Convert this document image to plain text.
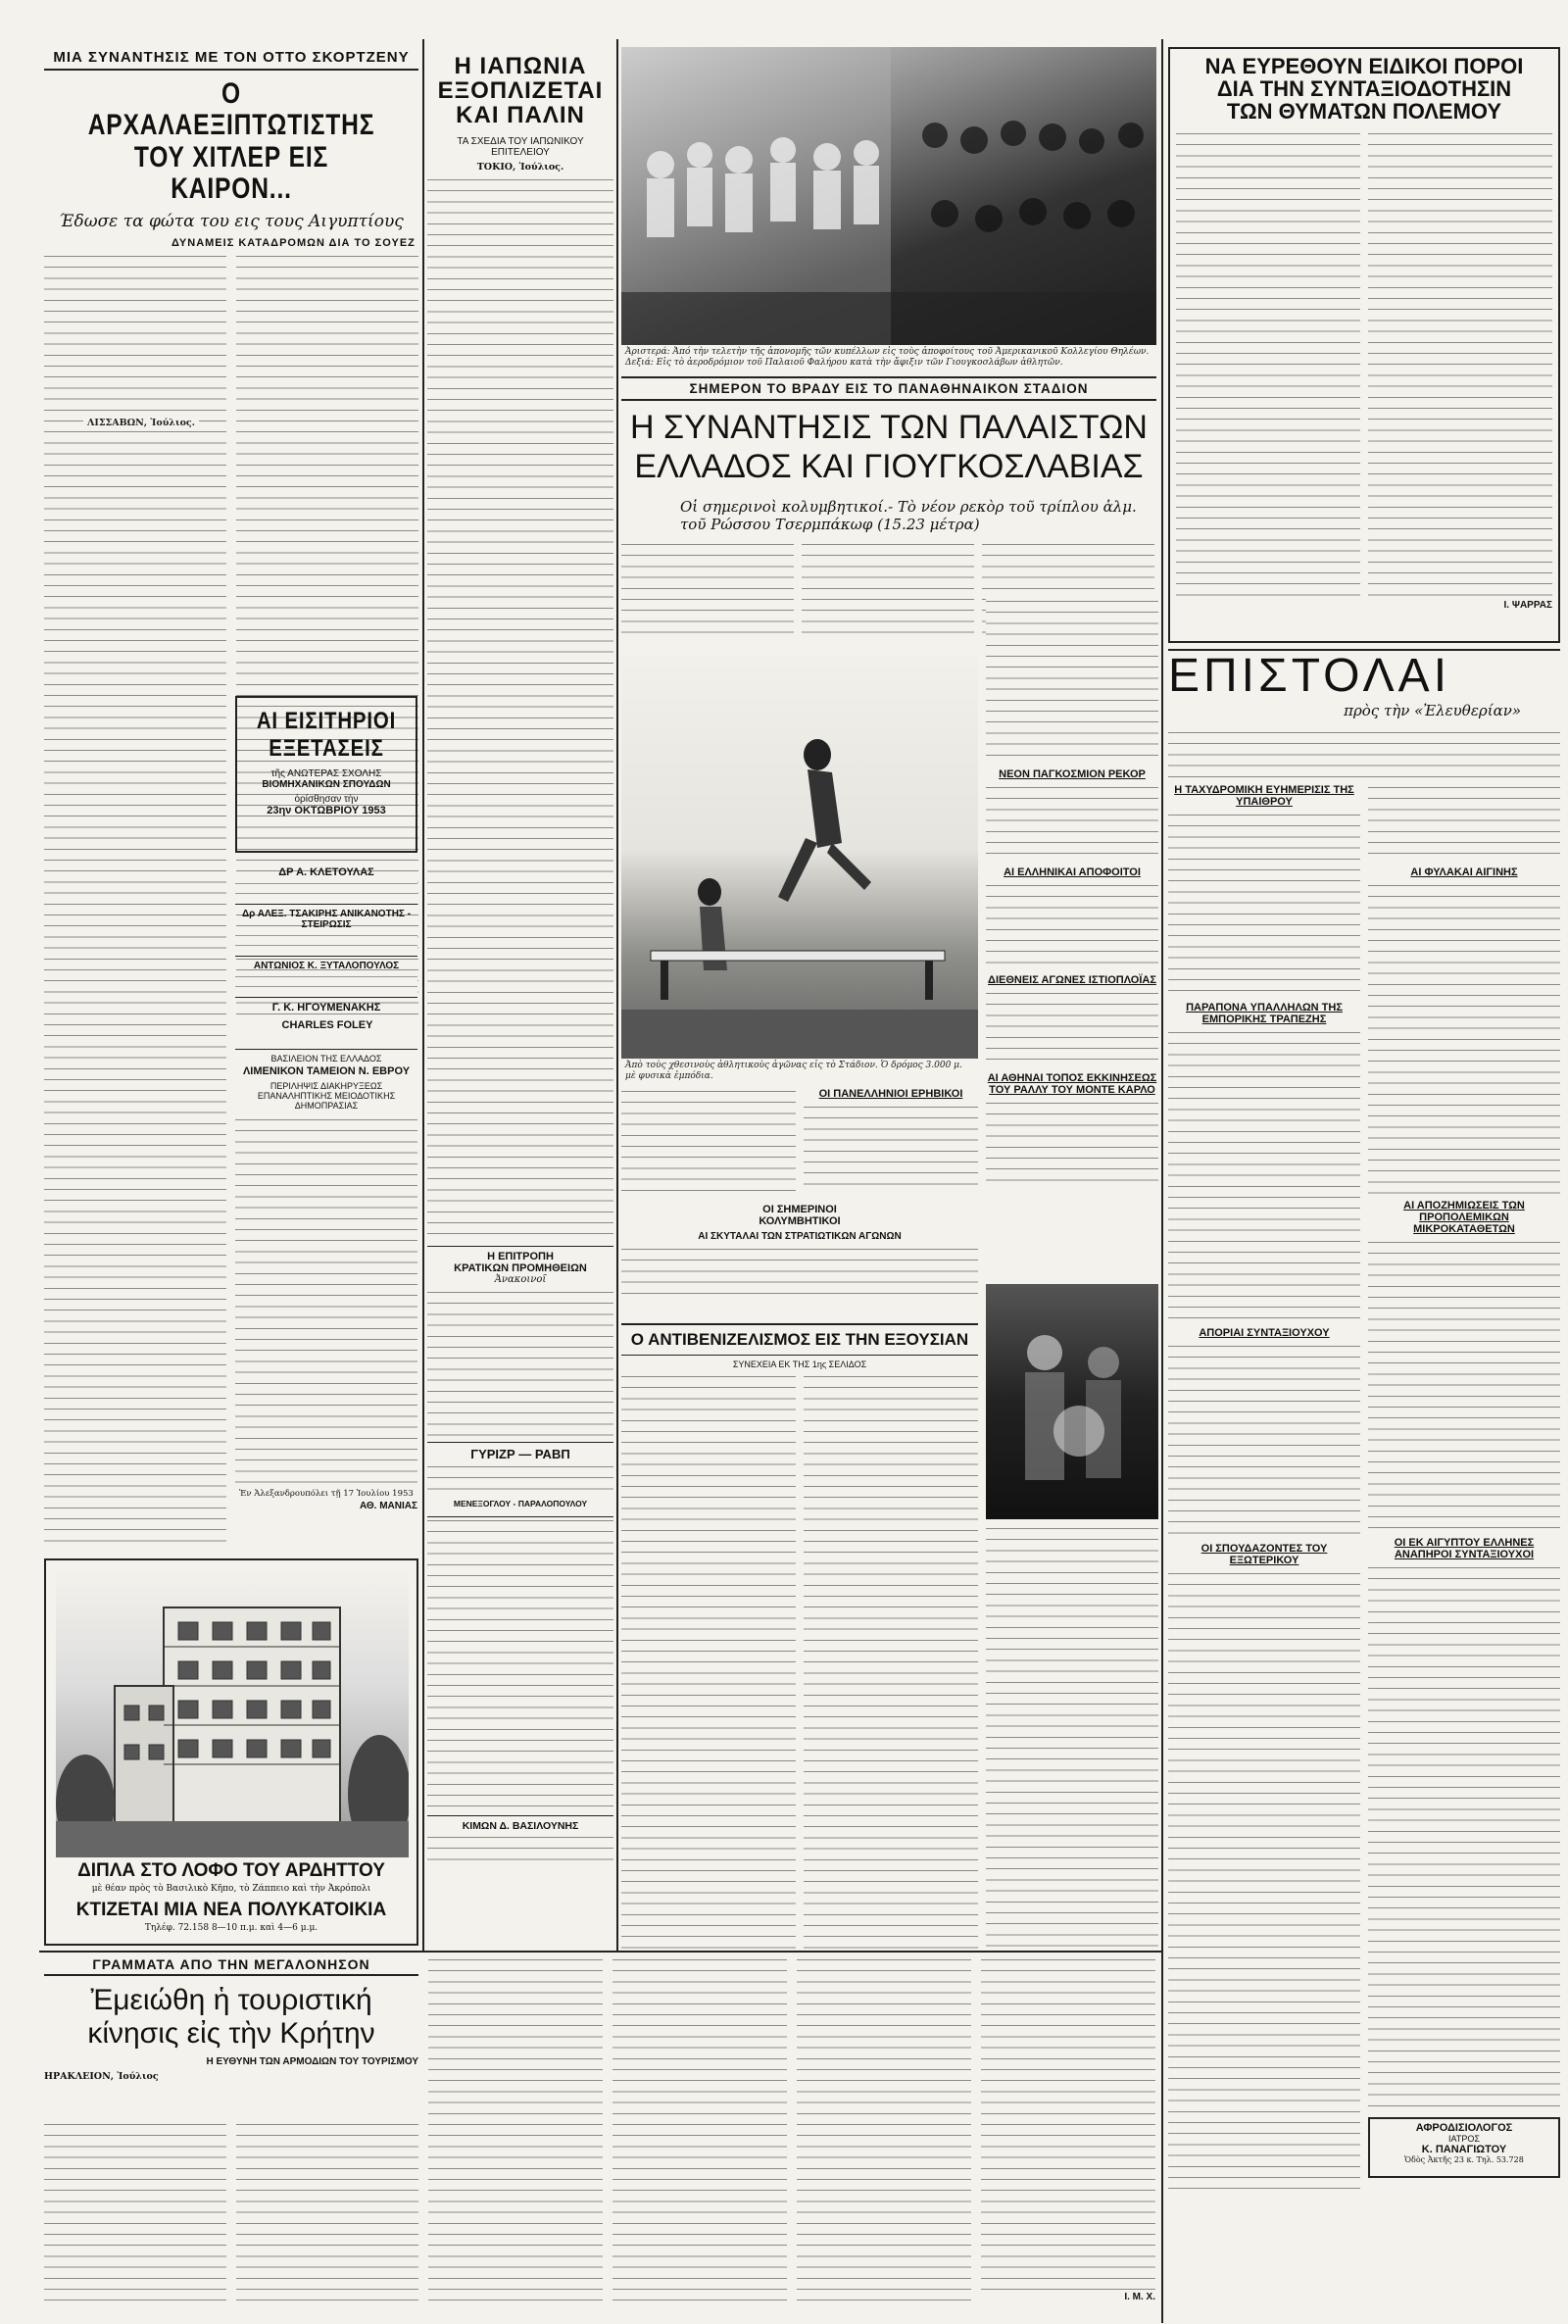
ΜΙΑ ΣΥΝΑΝΤΗΣΙΣ ΜΕ ΤΟΝ ΟΤΤΟ ΣΚΟΡΤΖΕΝΥ
Ο ΑΡΧΑΛΑΕΞΙΠΤΩΤΙΣΤΗΣ
ΤΟΥ ΧΙΤΛΕΡ ΕΙΣ ΚΑΙΡΟΝ...
Έδωσε τα φώτα του εις τους Αιγυπτίους
ΔΥΝΑΜΕΙΣ ΚΑΤΑΔΡΟΜΩΝ ΔΙΑ ΤΟ ΣΟΥΕΖ
CHARLES FOLEY
ΛΙΣΣΑΒΩΝ, Ἰούλιος.
ΑΙ ΕΙΣΙΤΗΡΙΟΙ ΕΞΕΤΑΣΕΙΣ
τῆς ΑΝΩΤΕΡΑΣ ΣΧΟΛΗΣ
ΒΙΟΜΗΧΑΝΙΚΩΝ ΣΠΟΥΔΩΝ
ὁρίσθησαν τὴν
23ην ΟΚΤΩΒΡΙΟΥ 1953
ΔΡ Α. ΚΛΕΤΟΥΛΑΣ
Δρ ΑΛΕΞ. ΤΣΑΚΙΡΗΣ ΑΝΙΚΑΝΟΤΗΣ - ΣΤΕΙΡΩΣΙΣ
ΑΝΤΩΝΙΟΣ Κ. ΞΥΤΑΛΟΠΟΥΛΟΣ
Γ. Κ. ΗΓΟΥΜΕΝΑΚΗΣ
ΒΑΣΙΛΕΙΟΝ ΤΗΣ ΕΛΛΑΔΟΣ
ΛΙΜΕΝΙΚΟΝ ΤΑΜΕΙΟΝ Ν. ΕΒΡΟΥ
ΠΕΡΙΛΗΨΙΣ ΔΙΑΚΗΡΥΞΕΩΣ ΕΠΑΝΑΛΗΠΤΙΚΗΣ ΜΕΙΟΔΟΤΙΚΗΣ ΔΗΜΟΠΡΑΣΙΑΣ
Ἐν Ἀλεξανδρουπόλει τῇ 17 Ἰουλίου 1953
ΑΘ. ΜΑΝΙΑΣ
ΔΙΠΛΑ ΣΤΟ ΛΟΦΟ ΤΟΥ ΑΡΔΗΤΤΟΥ
μὲ θέαν πρὸς τὸ Βασιλικὸ Κῆπο, τὸ Ζάππειο καὶ τὴν Ἀκρόπολι
ΚΤΙΖΕΤΑΙ ΜΙΑ ΝΕΑ ΠΟΛΥΚΑΤΟΙΚΙΑ
Τηλέφ. 72.158 8—10 π.μ. καὶ 4—6 μ.μ.
Η ΙΑΠΩΝΙΑ
ΕΞΟΠΛΙΖΕΤΑΙ
ΚΑΙ ΠΑΛΙΝ
ΤΑ ΣΧΕΔΙΑ ΤΟΥ ΙΑΠΩΝΙΚΟΥ ΕΠΙΤΕΛΕΙΟΥ
ΤΟΚΙΟ, Ἰούλιος.
Η ΕΠΙΤΡΟΠΗ
ΚΡΑΤΙΚΩΝ ΠΡΟΜΗΘΕΙΩΝ
Ἀνακοινοῖ
ΓΥΡΙΖΡ — ΡΑΒΠ
ΜΕΝΕΞΟΓΛΟΥ - ΠΑΡΑΛΟΠΟΥΛΟΥ
ΚΙΜΩΝ Δ. ΒΑΣΙΛΟΥΝΗΣ
Ἀριστερά: Ἀπό τὴν τελετὴν τῆς ἀπονομῆς τῶν κυπέλλων εἰς τοὺς ἀποφοίτους τοῦ Ἀμερικανικοῦ Κολλεγίου Θηλέων. Δεξιά: Εἰς τὸ ἀεροδρόμιον τοῦ Παλαιοῦ Φαλήρου κατὰ τὴν ἄφιξιν τῶν Γιουγκοσλάβων ἀθλητῶν.
ΣΗΜΕΡΟΝ ΤΟ ΒΡΑΔΥ ΕΙΣ ΤΟ ΠΑΝΑΘΗΝΑΙΚΟΝ ΣΤΑΔΙΟΝ
Η ΣΥΝΑΝΤΗΣΙΣ ΤΩΝ ΠΑΛΑΙΣΤΩΝ
ΕΛΛΑΔΟΣ ΚΑΙ ΓΙΟΥΓΚΟΣΛΑΒΙΑΣ
Οἱ σημερινοὶ κολυμβητικοί.- Τὸ νέον ρεκὸρ τοῦ τρίπλου ἁλμ. τοῦ Ρώσσου Τσερμπάκωφ (15.23 μέτρα)
Ἀπὸ τοὺς χθεσινοὺς ἀθλητικοὺς ἀγῶνας εἰς τὸ Στάδιον. Ὁ δρόμος 3.000 μ. μὲ φυσικὰ ἐμπόδια.
ΝΕΟΝ ΠΑΓΚΟΣΜΙΟΝ ΡΕΚΟΡ
ΑΙ ΕΛΛΗΝΙΚΑΙ ΑΠΟΦΟΙΤΟΙ
ΔΙΕΘΝΕΙΣ ΑΓΩΝΕΣ ΙΣΤΙΟΠΛΟΪΑΣ
ΑΙ ΑΘΗΝΑΙ ΤΟΠΟΣ ΕΚΚΙΝΗΣΕΩΣ ΤΟΥ ΡΑΛΛΥ ΤΟΥ ΜΟΝΤΕ ΚΑΡΛΟ
ΟΙ ΠΑΝΕΛΛΗΝΙΟΙ ΕΡΗΒΙΚΟΙ
ΟΙ ΣΗΜΕΡΙΝΟΙ
ΚΟΛΥΜΒΗΤΙΚΟΙ
ΑΙ ΣΚΥΤΑΛΑΙ ΤΩΝ ΣΤΡΑΤΙΩΤΙΚΩΝ ΑΓΩΝΩΝ
Ο ΑΝΤΙΒΕΝΙΖΕΛΙΣΜΟΣ ΕΙΣ ΤΗΝ ΕΞΟΥΣΙΑΝ
ΣΥΝΕΧΕΙΑ ΕΚ ΤΗΣ 1ης ΣΕΛΙΔΟΣ
ΝΑ ΕΥΡΕΘΟΥΝ ΕΙΔΙΚΟΙ ΠΟΡΟΙ
ΔΙΑ ΤΗΝ ΣΥΝΤΑΞΙΟΔΟΤΗΣΙΝ
ΤΩΝ ΘΥΜΑΤΩΝ ΠΟΛΕΜΟΥ
Ι. ΨΑΡΡΑΣ
ΕΠΙΣΤΟΛΑΙ
πρὸς τὴν «Ἐλευθερίαν»
Η ΤΑΧΥΔΡΟΜΙΚΗ ΕΥΗΜΕΡΙΣΙΣ ΤΗΣ ΥΠΑΙΘΡΟΥ
ΠΑΡΑΠΟΝΑ ΥΠΑΛΛΗΛΩΝ ΤΗΣ ΕΜΠΟΡΙΚΗΣ ΤΡΑΠΕΖΗΣ
ΑΠΟΡΙΑΙ ΣΥΝΤΑΞΙΟΥΧΟΥ
ΟΙ ΣΠΟΥΔΑΖΟΝΤΕΣ ΤΟΥ ΕΞΩΤΕΡΙΚΟΥ
ΑΙ ΦΥΛΑΚΑΙ ΑΙΓΙΝΗΣ
ΑΙ ΑΠΟΖΗΜΙΩΣΕΙΣ ΤΩΝ ΠΡΟΠΟΛΕΜΙΚΩΝ ΜΙΚΡΟΚΑΤΑΘΕΤΩΝ
ΟΙ ΕΚ ΑΙΓΥΠΤΟΥ ΕΛΛΗΝΕΣ ΑΝΑΠΗΡΟΙ ΣΥΝΤΑΞΙΟΥΧΟΙ
ΑΦΡΟΔΙΣΙΟΛΟΓΟΣ
ΙΑΤΡΟΣ
Κ. ΠΑΝΑΓΙΩΤΟΥ
Ὁδὸς Ἀκτῆς 23 κ. Τηλ. 53.728
ΓΡΑΜΜΑΤΑ ΑΠΟ ΤΗΝ ΜΕΓΑΛΟΝΗΣΟΝ
Ἐμειώθη ἡ τουριστική
κίνησις εἰς τὴν Κρήτην
Η ΕΥΘΥΝΗ ΤΩΝ ΑΡΜΟΔΙΩΝ ΤΟΥ ΤΟΥΡΙΣΜΟΥ
ΗΡΑΚΛΕΙΟΝ, Ἰούλιος
Ι. Μ. Χ.
